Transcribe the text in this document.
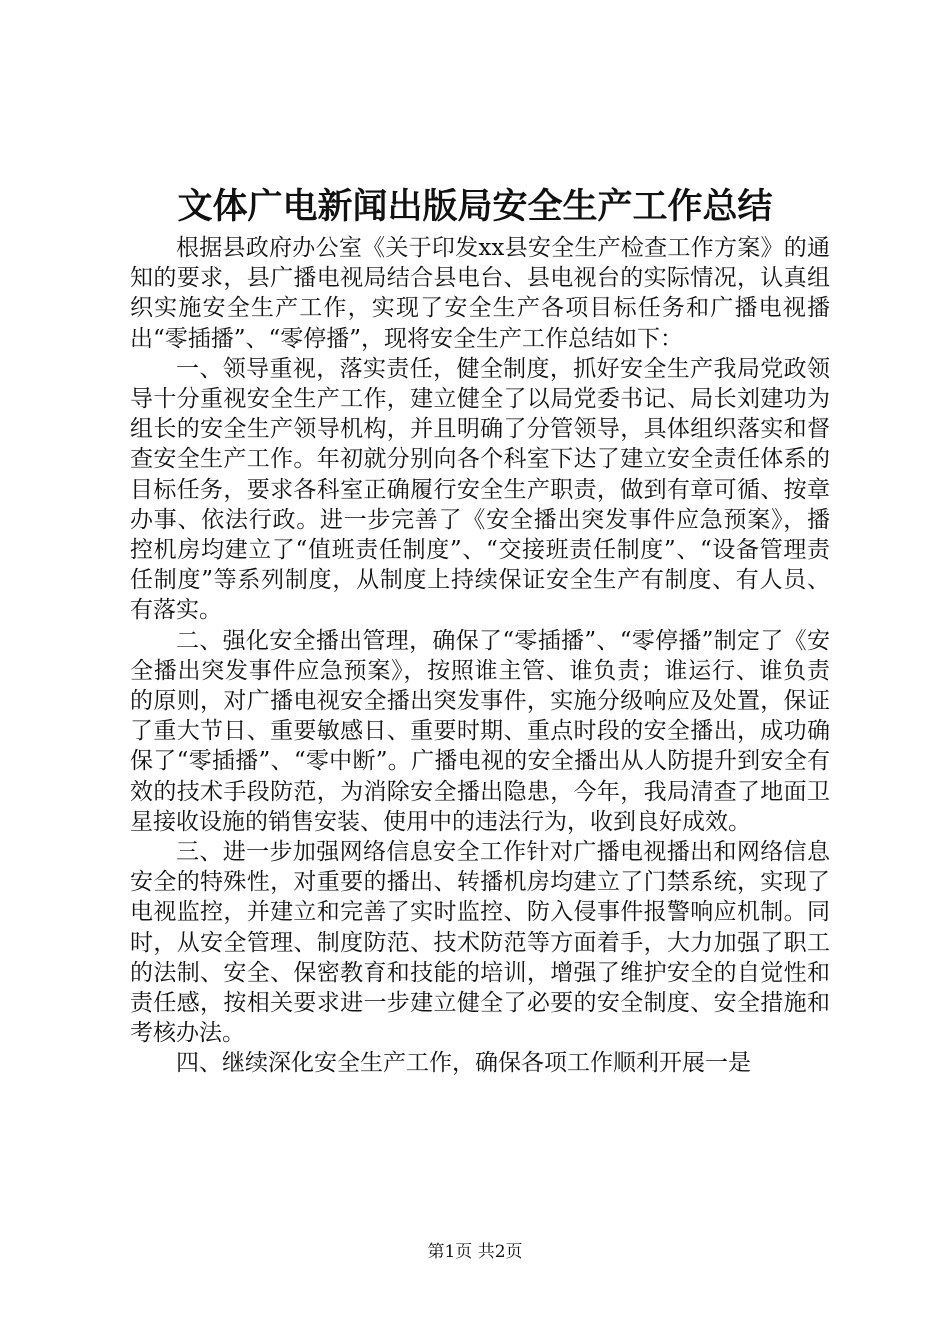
文体广电新闻出版局安全生产工作总结

根据县政府办公室《关于印发xx县安全生产检查工作方案》的通知的要求，县广播电视局结合县电台、县电视台的实际情况，认真组织实施安全生产工作，实现了安全生产各项目标任务和广播电视播出“零插播”、“零停播”，现将安全生产工作总结如下：

一、领导重视，落实责任，健全制度，抓好安全生产我局党政领导十分重视安全生产工作，建立健全了以局党委书记、局长刘建功为组长的安全生产领导机构，并且明确了分管领导，具体组织落实和督查安全生产工作。年初就分别向各个科室下达了建立安全责任体系的目标任务，要求各科室正确履行安全生产职责，做到有章可循、按章办事、依法行政。进一步完善了《安全播出突发事件应急预案》，播控机房均建立了“值班责任制度”、“交接班责任制度”、“设备管理责任制度”等系列制度，从制度上持续保证安全生产有制度、有人员、有落实。

二、强化安全播出管理，确保了“零插播”、“零停播”制定了《安全播出突发事件应急预案》，按照谁主管、谁负责；谁运行、谁负责的原则，对广播电视安全播出突发事件，实施分级响应及处置，保证了重大节日、重要敏感日、重要时期、重点时段的安全播出，成功确保了“零插播”、“零中断”。广播电视的安全播出从人防提升到安全有效的技术手段防范，为消除安全播出隐患，今年，我局清查了地面卫星接收设施的销售安装、使用中的违法行为，收到良好成效。

三、进一步加强网络信息安全工作针对广播电视播出和网络信息安全的特殊性，对重要的播出、转播机房均建立了门禁系统，实现了电视监控，并建立和完善了实时监控、防入侵事件报警响应机制。同时，从安全管理、制度防范、技术防范等方面着手，大力加强了职工的法制、安全、保密教育和技能的培训，增强了维护安全的自觉性和责任感，按相关要求进一步建立健全了必要的安全制度、安全措施和考核办法。

四、继续深化安全生产工作，确保各项工作顺利开展一是

第1页 共2页
